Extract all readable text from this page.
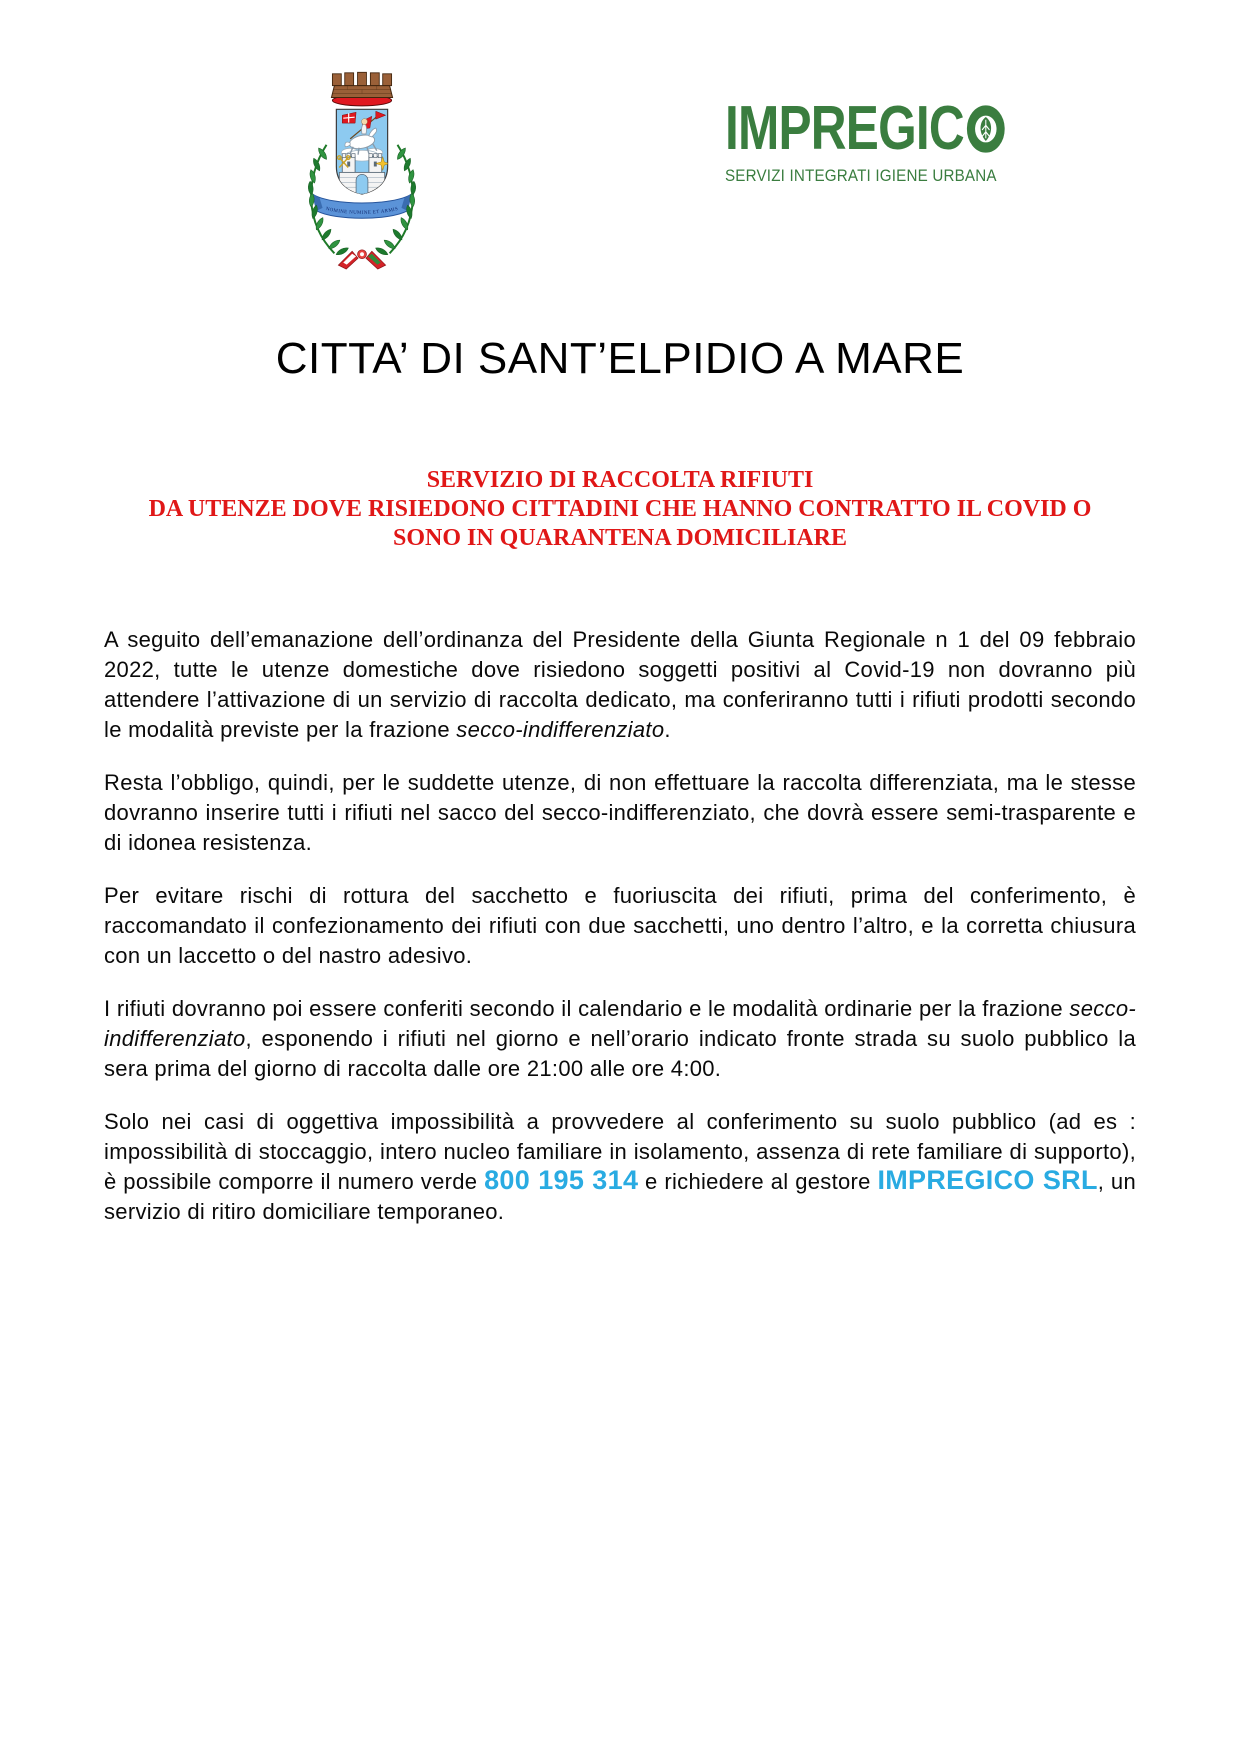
NOMINE NUMINE ET ARMIS
IMPREGIC
SERVIZI INTEGRATI IGIENE URBANA
CITTA’ DI SANT’ELPIDIO A MARE
SERVIZIO DI RACCOLTA RIFIUTI
DA UTENZE DOVE RISIEDONO CITTADINI CHE HANNO CONTRATTO IL COVID O
SONO IN QUARANTENA DOMICILIARE

A seguito dell’emanazione dell’ordinanza del Presidente della Giunta Regionale n 1 del 09 febbraio 2022, tutte le utenze domestiche dove risiedono soggetti positivi al Covid-19 non dovranno più attendere l’attivazione di un servizio di raccolta dedicato, ma conferiranno tutti i rifiuti prodotti secondo le modalità previste per la frazione secco-indifferenziato.

Resta l’obbligo, quindi, per le suddette utenze, di non effettuare la raccolta differenziata, ma le stesse dovranno inserire tutti i rifiuti nel sacco del secco-indifferenziato, che dovrà essere semi-trasparente e di idonea resistenza.

Per evitare rischi di rottura del sacchetto e fuoriuscita dei rifiuti, prima del conferimento, è raccomandato il confezionamento dei rifiuti con due sacchetti, uno dentro l’altro, e la corretta chiusura con un laccetto o del nastro adesivo.

I rifiuti dovranno poi essere conferiti secondo il calendario e le modalità ordinarie per la frazione secco-indifferenziato, esponendo i rifiuti nel giorno e nell’orario indicato fronte strada su suolo pubblico la sera prima del giorno di raccolta dalle ore 21:00 alle ore 4:00.

Solo nei casi di oggettiva impossibilità a provvedere al conferimento su suolo pubblico (ad es : impossibilità di stoccaggio, intero nucleo familiare in isolamento, assenza di rete familiare di supporto), è possibile comporre il numero verde 800 195 314 e richiedere al gestore IMPREGICO SRL, un servizio di ritiro domiciliare temporaneo.
